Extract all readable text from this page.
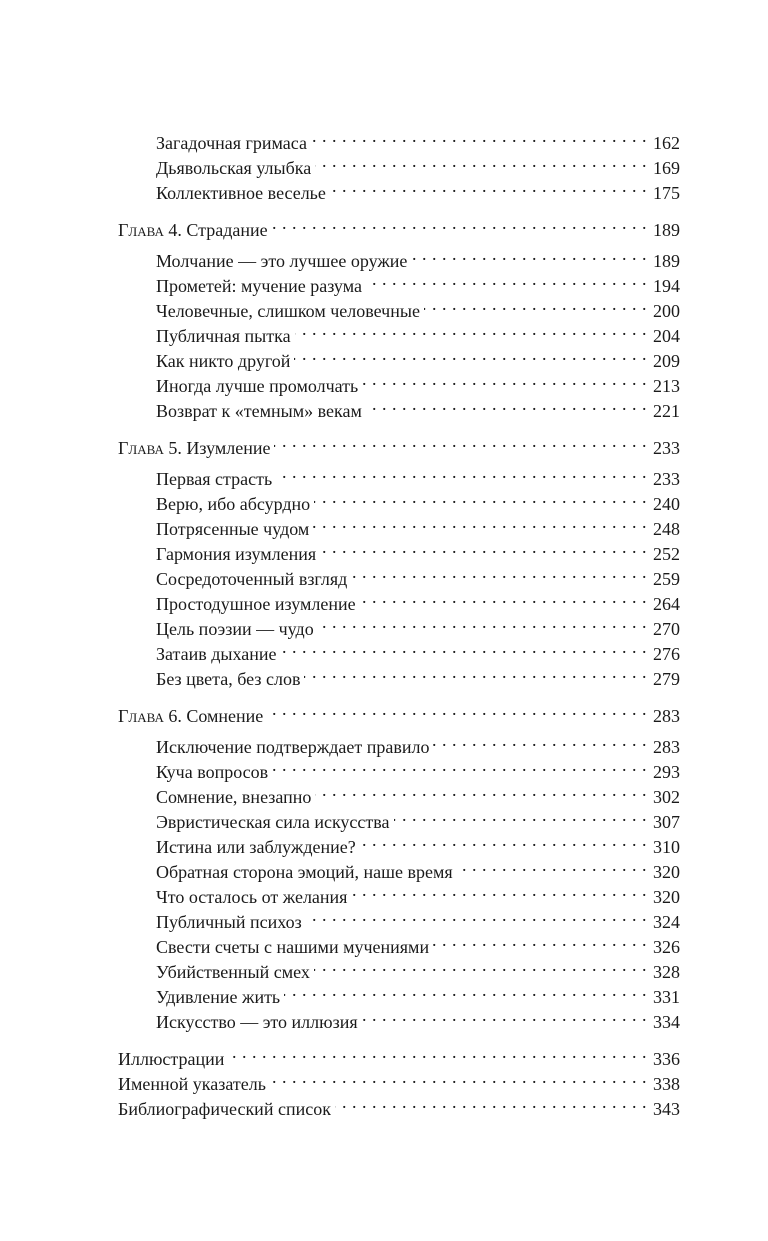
Загадочная гримаса . . .	162
Дьявольская улыбка . . .	169
Коллективное веселье . . .	175
Глава 4. Страдание . . .	189
Молчание — это лучшее оружие . . .	189
Прометей: мучение разума . . .	194
Человечные, слишком человечные . . .	200
Публичная пытка . . .	204
Как никто другой . . .	209
Иногда лучше промолчать . . .	213
Возврат к «темным» векам . . .	221
Глава 5. Изумление . . .	233
Первая страсть . . .	233
Верю, ибо абсурдно . . .	240
Потрясенные чудом . . .	248
Гармония изумления . . .	252
Сосредоточенный взгляд . . .	259
Простодушное изумление . . .	264
Цель поэзии — чудо . . .	270
Затаив дыхание . . .	276
Без цвета, без слов . . .	279
Глава 6. Сомнение . . .	283
Исключение подтверждает правило . . .	283
Куча вопросов . . .	293
Сомнение, внезапно . . .	302
Эвристическая сила искусства . . .	307
Истина или заблуждение? . . .	310
Обратная сторона эмоций, наше время . . .	320
Что осталось от желания . . .	320
Публичный психоз . . .	324
Свести счеты с нашими мучениями . . .	326
Убийственный смех . . .	328
Удивление жить . . .	331
Искусство — это иллюзия . . .	334
Иллюстрации . . .	336
Именной указатель . . .	338
Библиографический список . . .	343
